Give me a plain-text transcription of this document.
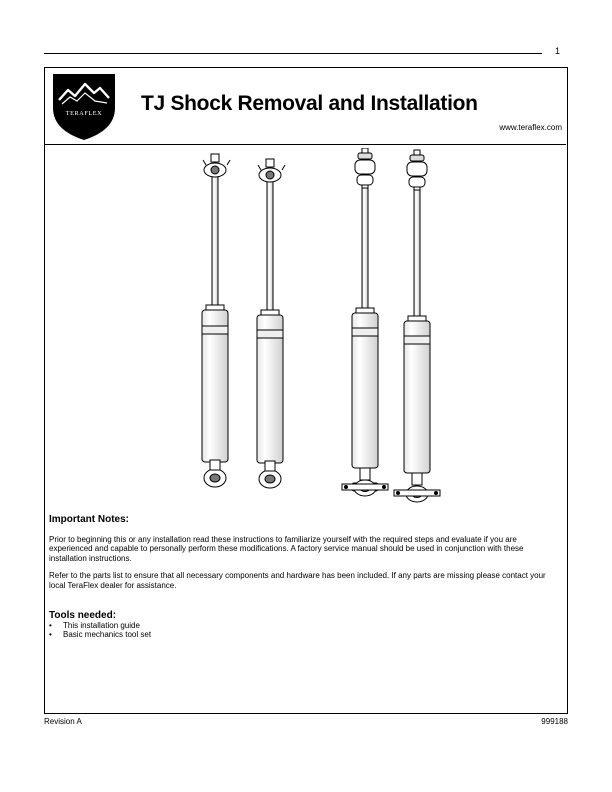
1
TERAFLEX TJ Shock Removal and Installation
www.teraflex.com
Important Notes:

Prior to beginning this or any installation read these instructions to familiarize yourself with the required steps and evaluate if you are experienced and capable to personally perform these modifications. A factory service manual should be used in conjunction with these installation instructions.

Refer to the parts list to ensure that all necessary components and hardware has been included. If any parts are missing please contact your local TeraFlex dealer for assistance.

Tools needed:
• This installation guide
• Basic mechanics tool set
Revision A	999188
